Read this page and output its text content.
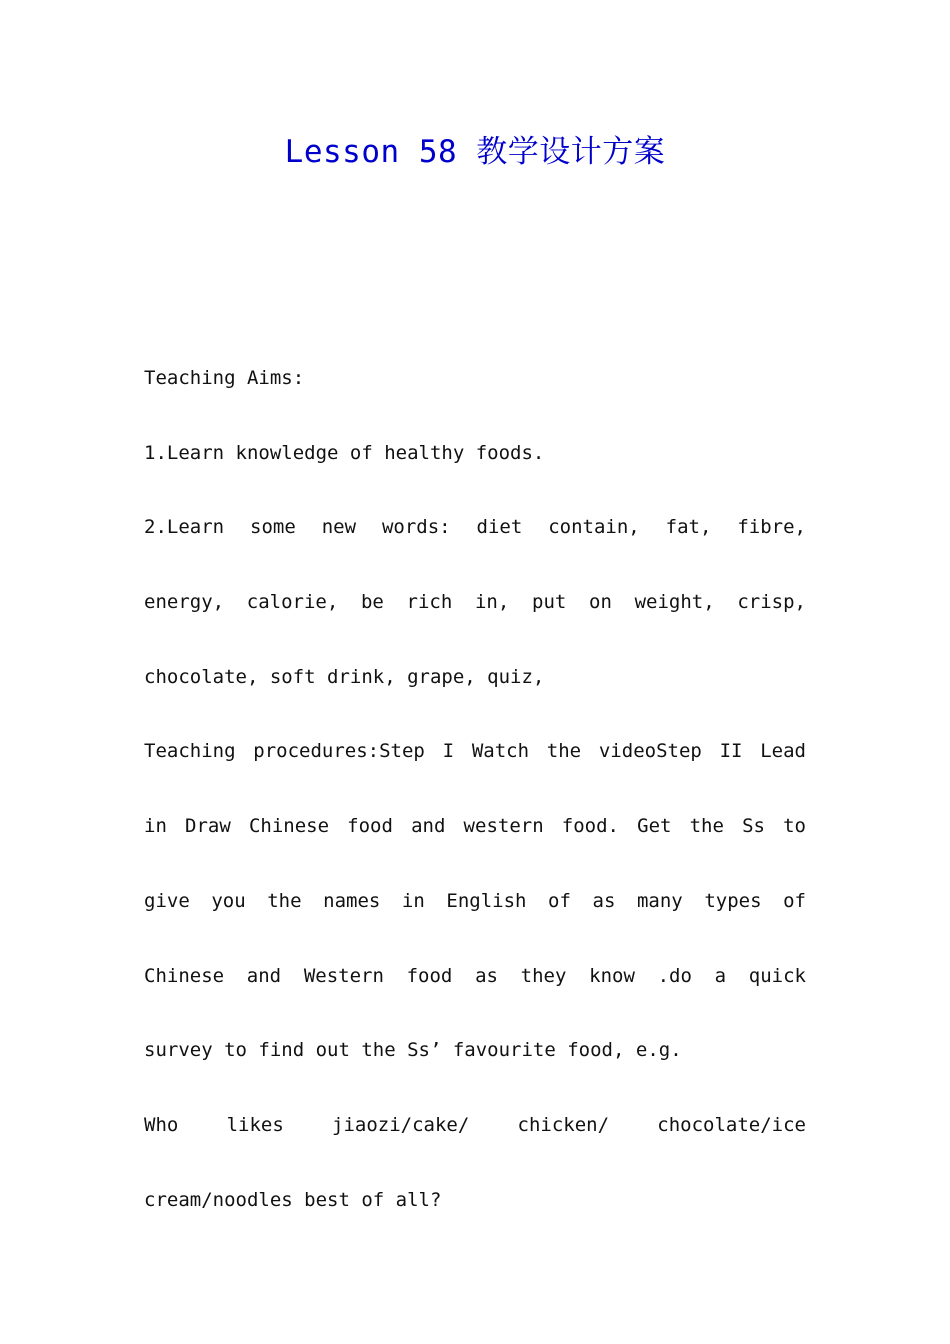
Lesson 58 教学设计方案
Teaching Aims:
1.Learn knowledge of healthy foods.
2.Learn some new words: diet contain, fat, fibre,
energy, calorie, be rich in, put on weight, crisp,
chocolate, soft drink, grape, quiz,
Teaching procedures:Step I Watch the videoStep II Lead
in Draw Chinese food and western food. Get the Ss to
give you the names in English of as many types of
Chinese and Western food as they know .do a quick
survey to find out the Ss’ favourite food, e.g.
Who likes jiaozi/cake/ chicken/ chocolate/ice
cream/noodles best of all?
